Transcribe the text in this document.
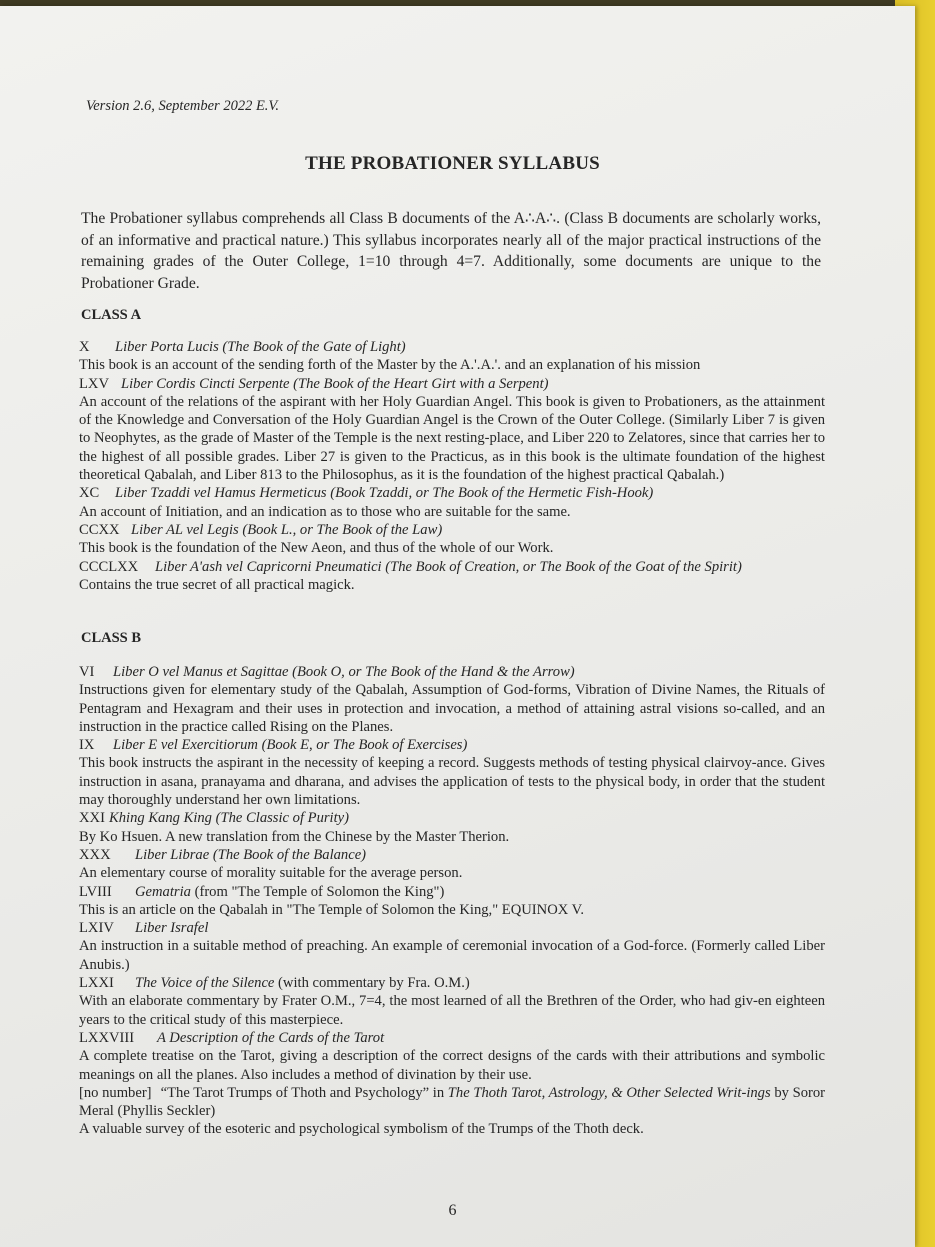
Version 2.6, September 2022 E.V.
THE PROBATIONER SYLLABUS
The Probationer syllabus comprehends all Class B documents of the A∴A∴. (Class B documents are scholarly works, of an informative and practical nature.) This syllabus incorporates nearly all of the major practical instructions of the remaining grades of the Outer College, 1=10 through 4=7. Additionally, some documents are unique to the Probationer Grade.
CLASS A
X Liber Porta Lucis (The Book of the Gate of Light)
This book is an account of the sending forth of the Master by the A.'.A.'. and an explanation of his mission
LXV Liber Cordis Cincti Serpente (The Book of the Heart Girt with a Serpent)
An account of the relations of the aspirant with her Holy Guardian Angel. This book is given to Probationers, as the attainment of the Knowledge and Conversation of the Holy Guardian Angel is the Crown of the Outer College. (Similarly Liber 7 is given to Neophytes, as the grade of Master of the Temple is the next resting-place, and Liber 220 to Zelatores, since that carries her to the highest of all possible grades. Liber 27 is given to the Practicus, as in this book is the ultimate foundation of the highest theoretical Qabalah, and Liber 813 to the Philosophus, as it is the foundation of the highest practical Qabalah.)
XC Liber Tzaddi vel Hamus Hermeticus (Book Tzaddi, or The Book of the Hermetic Fish-Hook)
An account of Initiation, and an indication as to those who are suitable for the same.
CCXX Liber AL vel Legis (Book L., or The Book of the Law)
This book is the foundation of the New Aeon, and thus of the whole of our Work.
CCCLXX Liber A'ash vel Capricorni Pneumatici (The Book of Creation, or The Book of the Goat of the Spirit)
Contains the true secret of all practical magick.
CLASS B
VI Liber O vel Manus et Sagittae (Book O, or The Book of the Hand & the Arrow)
Instructions given for elementary study of the Qabalah, Assumption of God-forms, Vibration of Divine Names, the Rituals of Pentagram and Hexagram and their uses in protection and invocation, a method of attaining astral visions so-called, and an instruction in the practice called Rising on the Planes.
IX Liber E vel Exercitiorum (Book E, or The Book of Exercises)
This book instructs the aspirant in the necessity of keeping a record. Suggests methods of testing physical clairvoy-ance. Gives instruction in asana, pranayama and dharana, and advises the application of tests to the physical body, in order that the student may thoroughly understand her own limitations.
XXI Khing Kang King (The Classic of Purity)
By Ko Hsuen. A new translation from the Chinese by the Master Therion.
XXX Liber Librae (The Book of the Balance)
An elementary course of morality suitable for the average person.
LVIII Gematria (from "The Temple of Solomon the King")
This is an article on the Qabalah in "The Temple of Solomon the King," EQUINOX V.
LXIV Liber Israfel
An instruction in a suitable method of preaching. An example of ceremonial invocation of a God-force. (Formerly called Liber Anubis.)
LXXI The Voice of the Silence (with commentary by Fra. O.M.)
With an elaborate commentary by Frater O.M., 7=4, the most learned of all the Brethren of the Order, who had giv-en eighteen years to the critical study of this masterpiece.
LXXVIII A Description of the Cards of the Tarot
A complete treatise on the Tarot, giving a description of the correct designs of the cards with their attributions and symbolic meanings on all the planes. Also includes a method of divination by their use.
[no number] “The Tarot Trumps of Thoth and Psychology” in The Thoth Tarot, Astrology, & Other Selected Writ-ings by Soror Meral (Phyllis Seckler)
A valuable survey of the esoteric and psychological symbolism of the Trumps of the Thoth deck.
6
